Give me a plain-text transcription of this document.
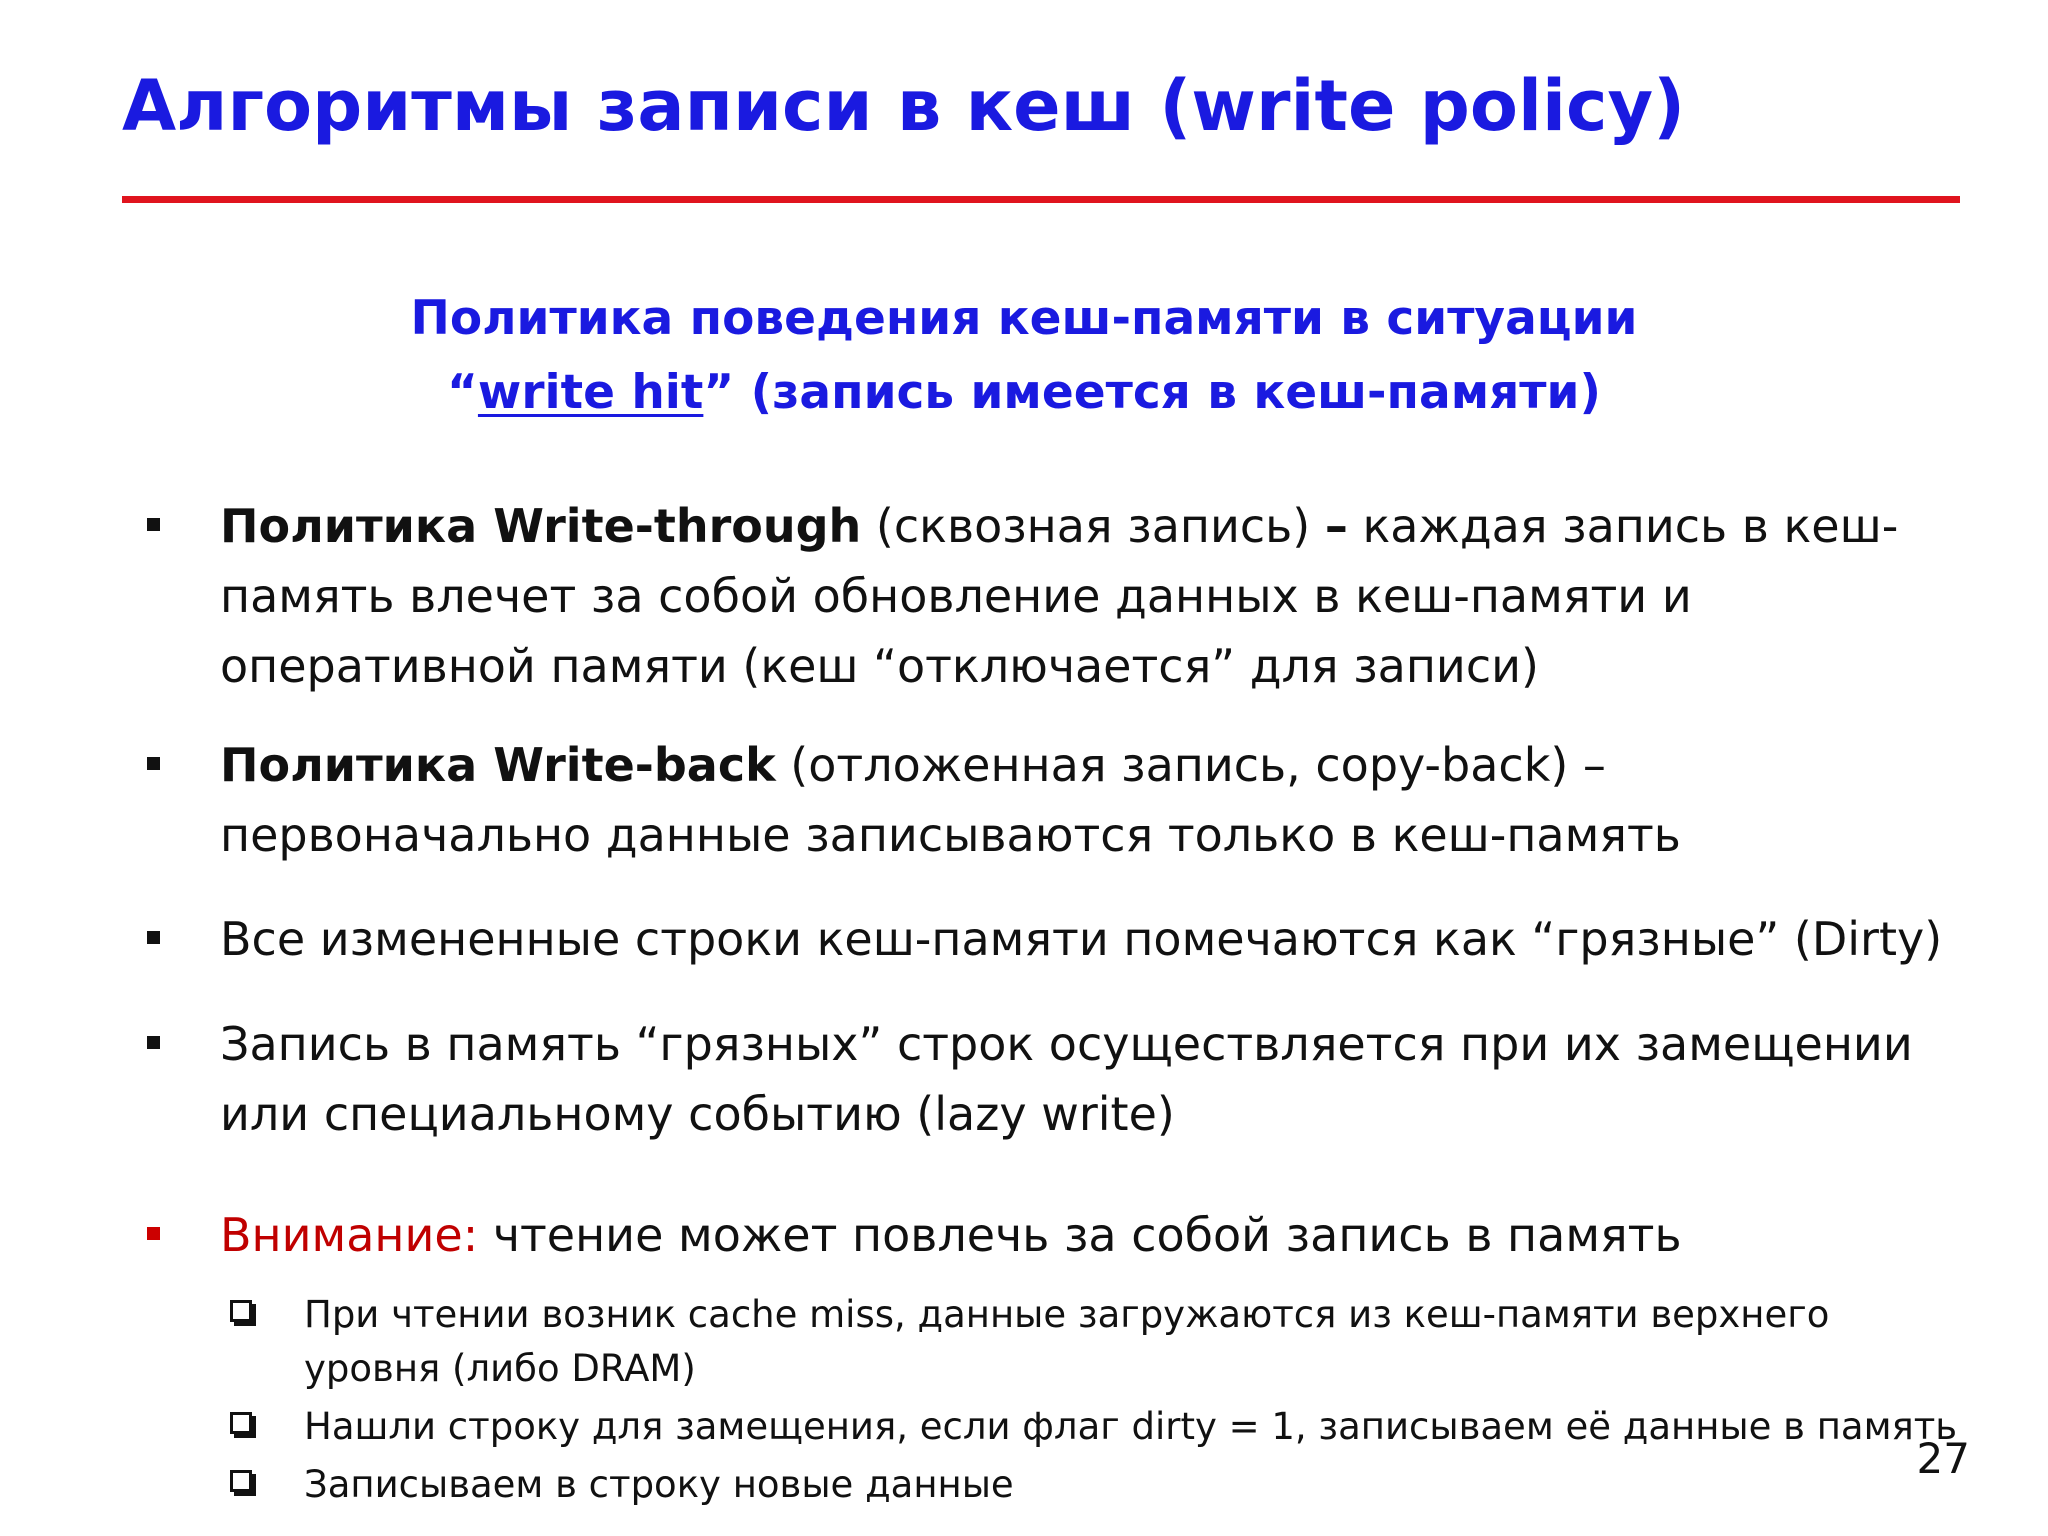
Алгоритмы записи в кеш (write policy)
Политика поведения кеш-памяти в ситуации
“write hit” (запись имеется в кеш-памяти)
Политика Write-through (сквозная запись) – каждая запись в кеш-
память влечет за собой обновление данных в кеш-памяти и
оперативной памяти (кеш “отключается” для записи)
Политика Write-back (отложенная запись, copy-back) –
первоначально данные записываются только в кеш-память
Все измененные строки кеш-памяти помечаются как “грязные” (Dirty)
Запись в память “грязных” строк осуществляется при их замещении
или специальному событию (lazy write)
Внимание: чтение может повлечь за собой запись в память
При чтении возник cache miss, данные загружаются из кеш-памяти верхнего
уровня (либо DRAM)
Нашли строку для замещения, если флаг dirty = 1, записываем её данные в память
Записываем в строку новые данные
27
